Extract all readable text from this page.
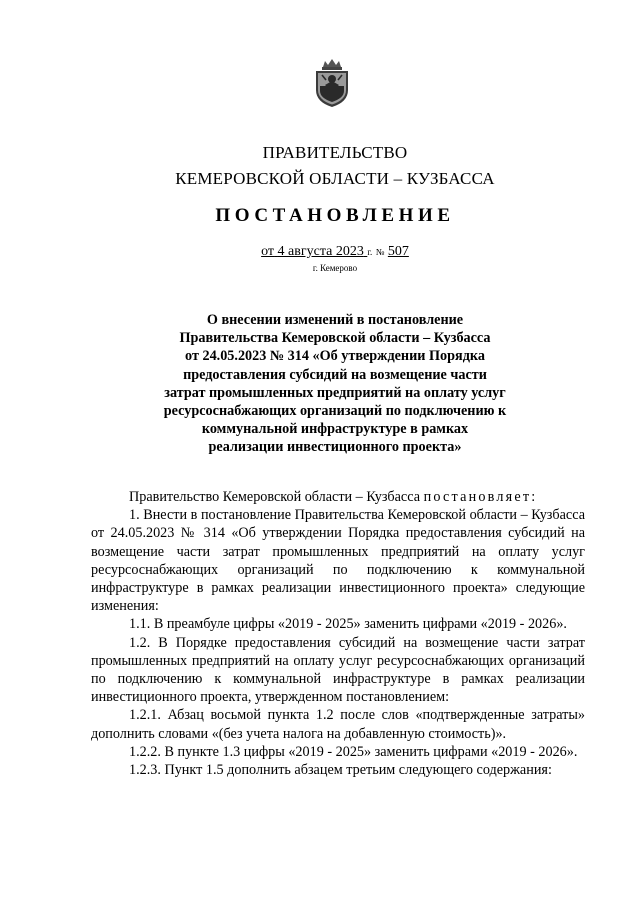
ПРАВИТЕЛЬСТВО
КЕМЕРОВСКОЙ ОБЛАСТИ – КУЗБАССА
ПОСТАНОВЛЕНИЕ
от 4 августа 2023 г. № 507
г. Кемерово
О внесении изменений в постановление
Правительства Кемеровской области – Кузбасса
от 24.05.2023 № 314 «Об утверждении Порядка
предоставления субсидий на возмещение части
затрат промышленных предприятий на оплату услуг
ресурсоснабжающих организаций по подключению к
коммунальной инфраструктуре в рамках
реализации инвестиционного проекта»

Правительство Кемеровской области – Кузбасса постановляет:

1. Внести в постановление Правительства Кемеровской области – Кузбасса от 24.05.2023 № 314 «Об утверждении Порядка предоставления субсидий на возмещение части затрат промышленных предприятий на оплату услуг ресурсоснабжающих организаций по подключению к коммунальной инфраструктуре в рамках реализации инвестиционного проекта» следующие изменения:

1.1. В преамбуле цифры «2019 - 2025» заменить цифрами «2019 - 2026».

1.2. В Порядке предоставления субсидий на возмещение части затрат промышленных предприятий на оплату услуг ресурсоснабжающих организаций по подключению к коммунальной инфраструктуре в рамках реализации инвестиционного проекта, утвержденном постановлением:

1.2.1. Абзац восьмой пункта 1.2 после слов «подтвержденные затраты» дополнить словами «(без учета налога на добавленную стоимость)».

1.2.2. В пункте 1.3 цифры «2019 - 2025» заменить цифрами «2019 - 2026».

1.2.3. Пункт 1.5 дополнить абзацем третьим следующего содержания:
